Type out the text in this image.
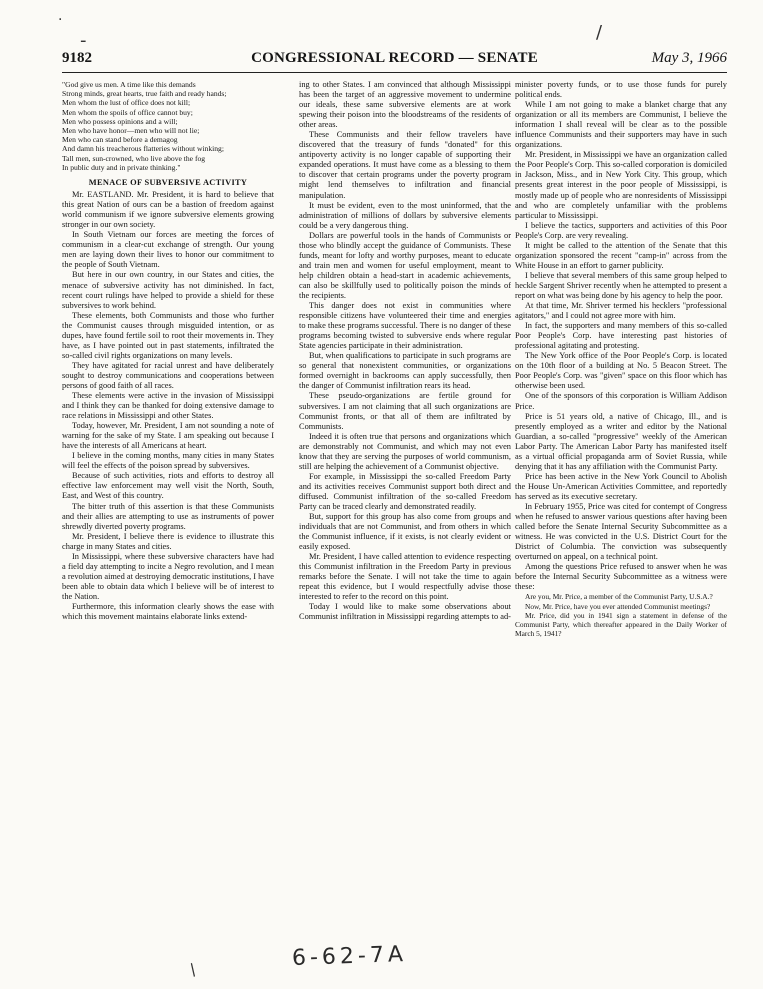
·
-	/
9182	CONGRESSIONAL RECORD — SENATE	May 3, 1966

"God give us men. A time like this demands

Strong minds, great hearts, true faith and ready hands;

Men whom the lust of office does not kill;

Men whom the spoils of office cannot buy;

Men who possess opinions and a will;

Men who have honor—men who will not lie;

Men who can stand before a demagog

And damn his treacherous flatteries without winking;

Tall men, sun-crowned, who live above the fog

In public duty and in private thinking."

MENACE OF SUBVERSIVE ACTIVITY

Mr. EASTLAND. Mr. President, it is hard to believe that this great Nation of ours can be a bastion of freedom against world communism if we ignore subversive elements growing stronger in our own society.

In South Vietnam our forces are meeting the forces of communism in a clear-cut exchange of strength. Our young men are laying down their lives to honor our commitment to the people of South Vietnam.

But here in our own country, in our States and cities, the menace of subversive activity has not diminished. In fact, recent court rulings have helped to provide a shield for these subversives to work behind.

These elements, both Communists and those who further the Communist causes through misguided intention, or as dupes, have found fertile soil to root their movements in. They have, as I have pointed out in past statements, infiltrated the so-called civil rights organizations on many levels.

They have agitated for racial unrest and have deliberately sought to destroy communications and cooperations between persons of good faith of all races.

These elements were active in the invasion of Mississippi and I think they can be thanked for doing extensive damage to race relations in Mississippi and other States.

Today, however, Mr. President, I am not sounding a note of warning for the sake of my State. I am speaking out because I have the interests of all Americans at heart.

I believe in the coming months, many cities in many States will feel the effects of the poison spread by subversives.

Because of such activities, riots and efforts to destroy all effective law enforcement may well visit the North, South, East, and West of this country.

The bitter truth of this assertion is that these Communists and their allies are attempting to use as instruments of power shrewdly diverted poverty programs.

Mr. President, I believe there is evidence to illustrate this charge in many States and cities.

In Mississippi, where these subversive characters have had a field day attempting to incite a Negro revolution, and I mean a revolution aimed at destroying democratic institutions, I have been able to obtain data which I believe will be of interest to the Nation.

Furthermore, this information clearly shows the ease with which this movement maintains elaborate links extend-

ing to other States. I am convinced that although Mississippi has been the target of an aggressive movement to undermine our ideals, these same subversive elements are at work spewing their poison into the bloodstreams of the residents of other areas.

These Communists and their fellow travelers have discovered that the treasury of funds "donated" for this antipoverty activity is no longer capable of supporting their expanded operations. It must have come as a blessing to them to discover that certain programs under the poverty program might lend themselves to infiltration and financial manipulation.

It must be evident, even to the most uninformed, that the administration of millions of dollars by subversive elements could be a very dangerous thing.

Dollars are powerful tools in the hands of Communists or those who blindly accept the guidance of Communists. These funds, meant for lofty and worthy purposes, meant to educate and train men and women for useful employment, meant to help children obtain a head-start in academic achievements, can also be skillfully used to politically poison the minds of the recipients.

This danger does not exist in communities where responsible citizens have volunteered their time and energies to make these programs successful. There is no danger of these programs becoming twisted to subversive ends where regular State agencies participate in their administration.

But, when qualifications to participate in such programs are so general that nonexistent communities, or organizations formed overnight in backrooms can apply successfully, then the danger of Communist infiltration rears its head.

These pseudo-organizations are fertile ground for subversives. I am not claiming that all such organizations are Communist fronts, or that all of them are infiltrated by Communists.

Indeed it is often true that persons and organizations which are demonstrably not Communist, and which may not even know that they are serving the purposes of world communism, still are helping the achievement of a Communist objective.

For example, in Mississippi the so-called Freedom Party and its activities receives Communist support both direct and diffused. Communist infiltration of the so-called Freedom Party can be traced clearly and demonstrated readily.

But, support for this group has also come from groups and individuals that are not Communist, and from others in which the Communist influence, if it exists, is not clearly evident or easily exposed.

Mr. President, I have called attention to evidence respecting this Communist infiltration in the Freedom Party in previous remarks before the Senate. I will not take the time to again repeat this evidence, but I would respectfully advise those interested to refer to the record on this point.

Today I would like to make some observations about Communist infiltration in Mississippi regarding attempts to ad-

minister poverty funds, or to use those funds for purely political ends.

While I am not going to make a blanket charge that any organization or all its members are Communist, I believe the information I shall reveal will be clear as to the possible influence Communists and their supporters may have in such organizations.

Mr. President, in Mississippi we have an organization called the Poor People's Corp. This so-called corporation is domiciled in Jackson, Miss., and in New York City. This group, which presents great interest in the poor people of Mississippi, is mostly made up of people who are nonresidents of Mississippi and who are completely unfamiliar with the problems particular to Mississippi.

I believe the tactics, supporters and activities of this Poor People's Corp. are very revealing.

It might be called to the attention of the Senate that this organization sponsored the recent "camp-in" across from the White House in an effort to garner publicity.

I believe that several members of this same group helped to heckle Sargent Shriver recently when he attempted to present a report on what was being done by his agency to help the poor.

At that time, Mr. Shriver termed his hecklers "professional agitators," and I could not agree more with him.

In fact, the supporters and many members of this so-called Poor People's Corp. have interesting past histories of professional agitating and protesting.

The New York office of the Poor People's Corp. is located on the 10th floor of a building at No. 5 Beacon Street. The Poor People's Corp. was "given" space on this floor which has otherwise been used.

One of the sponsors of this corporation is William Addison Price.

Price is 51 years old, a native of Chicago, Ill., and is presently employed as a writer and editor by the National Guardian, a so-called "progressive" weekly of the American Labor Party. The American Labor Party has manifested itself as a virtual official propaganda arm of Soviet Russia, while denying that it has any affiliation with the Communist Party.

Price has been active in the New York Council to Abolish the House Un-American Activities Committee, and reportedly has served as its executive secretary.

In February 1955, Price was cited for contempt of Congress when he refused to answer various questions after having been called before the Senate Internal Security Subcommittee as a witness. He was convicted in the U.S. District Court for the District of Columbia. The conviction was subsequently overturned on appeal, on a technical point.

Among the questions Price refused to answer when he was before the Internal Security Subcommittee as a witness were these:

Are you, Mr. Price, a member of the Communist Party, U.S.A.?

Now, Mr. Price, have you ever attended Communist meetings?

Mr. Price, did you in 1941 sign a statement in defense of the Communist Party, which thereafter appeared in the Daily Worker of March 5, 1941?

6-62-7A
/
